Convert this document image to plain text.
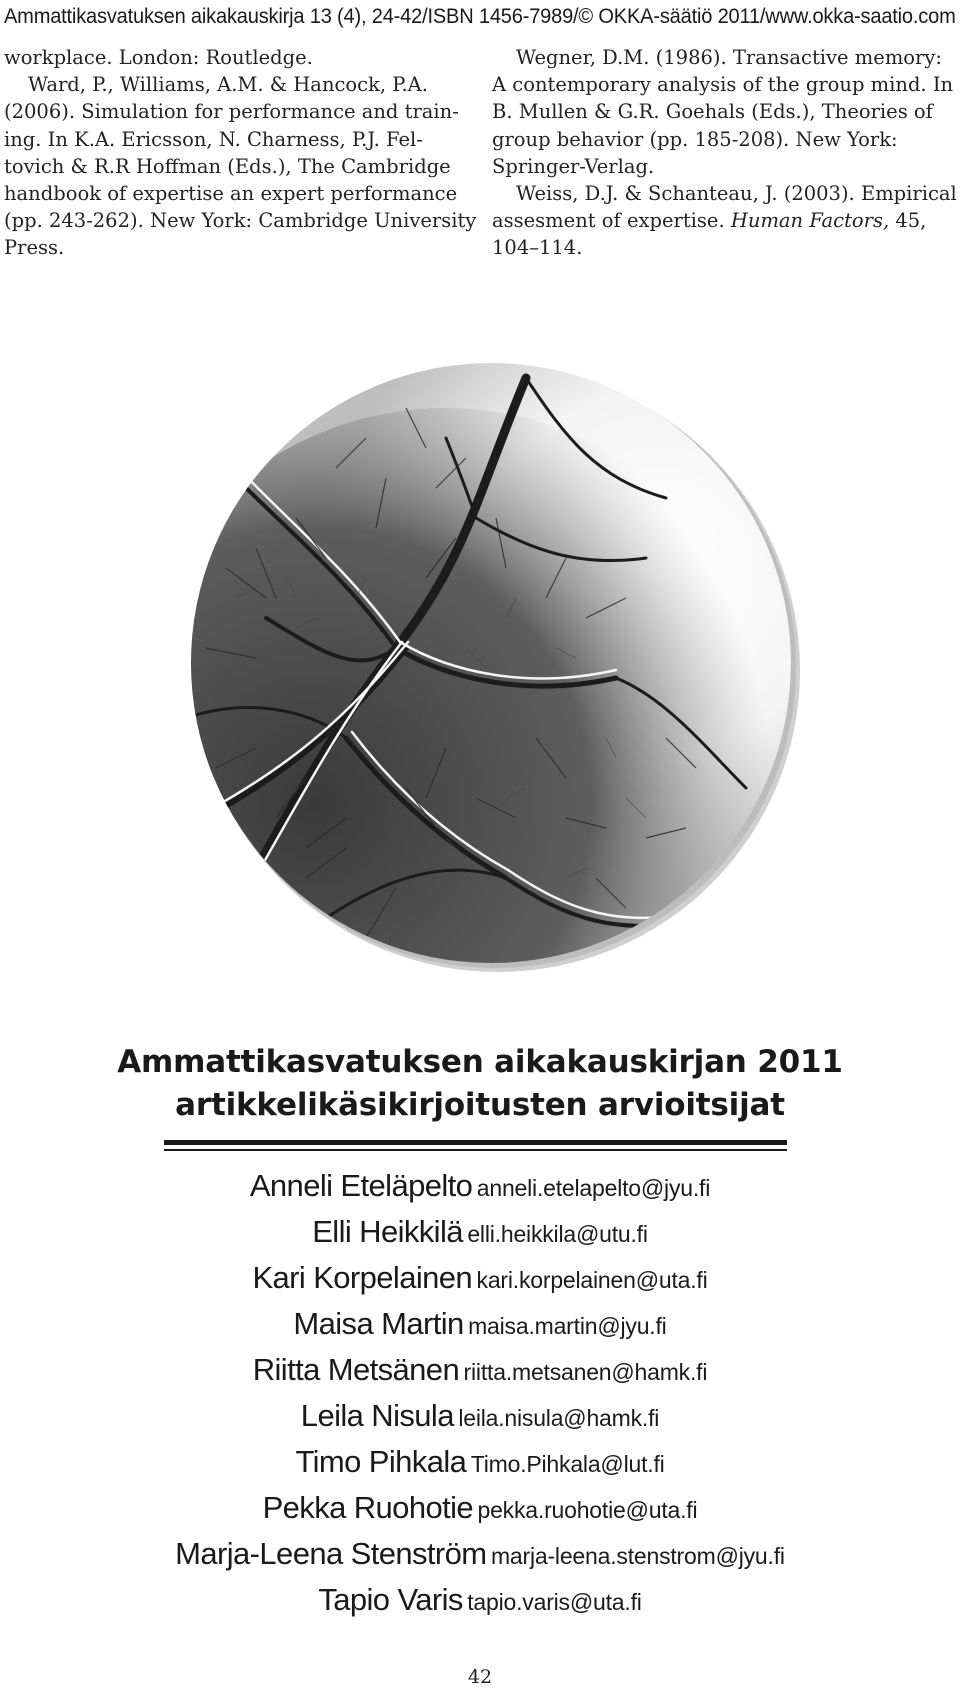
Ammattikasvatuksen aikakauskirja 13 (4), 24-42/ISBN 1456-7989/© OKKA-säätiö 2011/www.okka-saatio.com

workplace. London: Routledge.

Ward, P., Williams, A.M. & Hancock, P.A.

(2006). Simulation for performance and train-

ing. In K.A. Ericsson, N. Charness, P.J. Fel-

tovich & R.R Hoffman (Eds.), The Cambridge

handbook of expertise an expert performance

(pp. 243-262). New York: Cambridge University

Press.

Wegner, D.M. (1986). Transactive memory:

A contemporary analysis of the group mind. In

B. Mullen & G.R. Goehals (Eds.), Theories of

group behavior (pp. 185-208). New York:

Springer-Verlag.

Weiss, D.J. & Schanteau, J. (2003). Empirical

assesment of expertise. Human Factors, 45,

104–114.

Ammattikasvatuksen aikakauskirjan 2011
artikkelikäsikirjoitusten arvioitsijat
Anneli Eteläpelto anneli.etelapelto@jyu.fi
Elli Heikkilä elli.heikkila@utu.fi
Kari Korpelainen kari.korpelainen@uta.fi
Maisa Martin maisa.martin@jyu.fi
Riitta Metsänen riitta.metsanen@hamk.fi
Leila Nisula leila.nisula@hamk.fi
Timo Pihkala Timo.Pihkala@lut.fi
Pekka Ruohotie pekka.ruohotie@uta.fi
Marja-Leena Stenström marja-leena.stenstrom@jyu.fi
Tapio Varis tapio.varis@uta.fi
42
